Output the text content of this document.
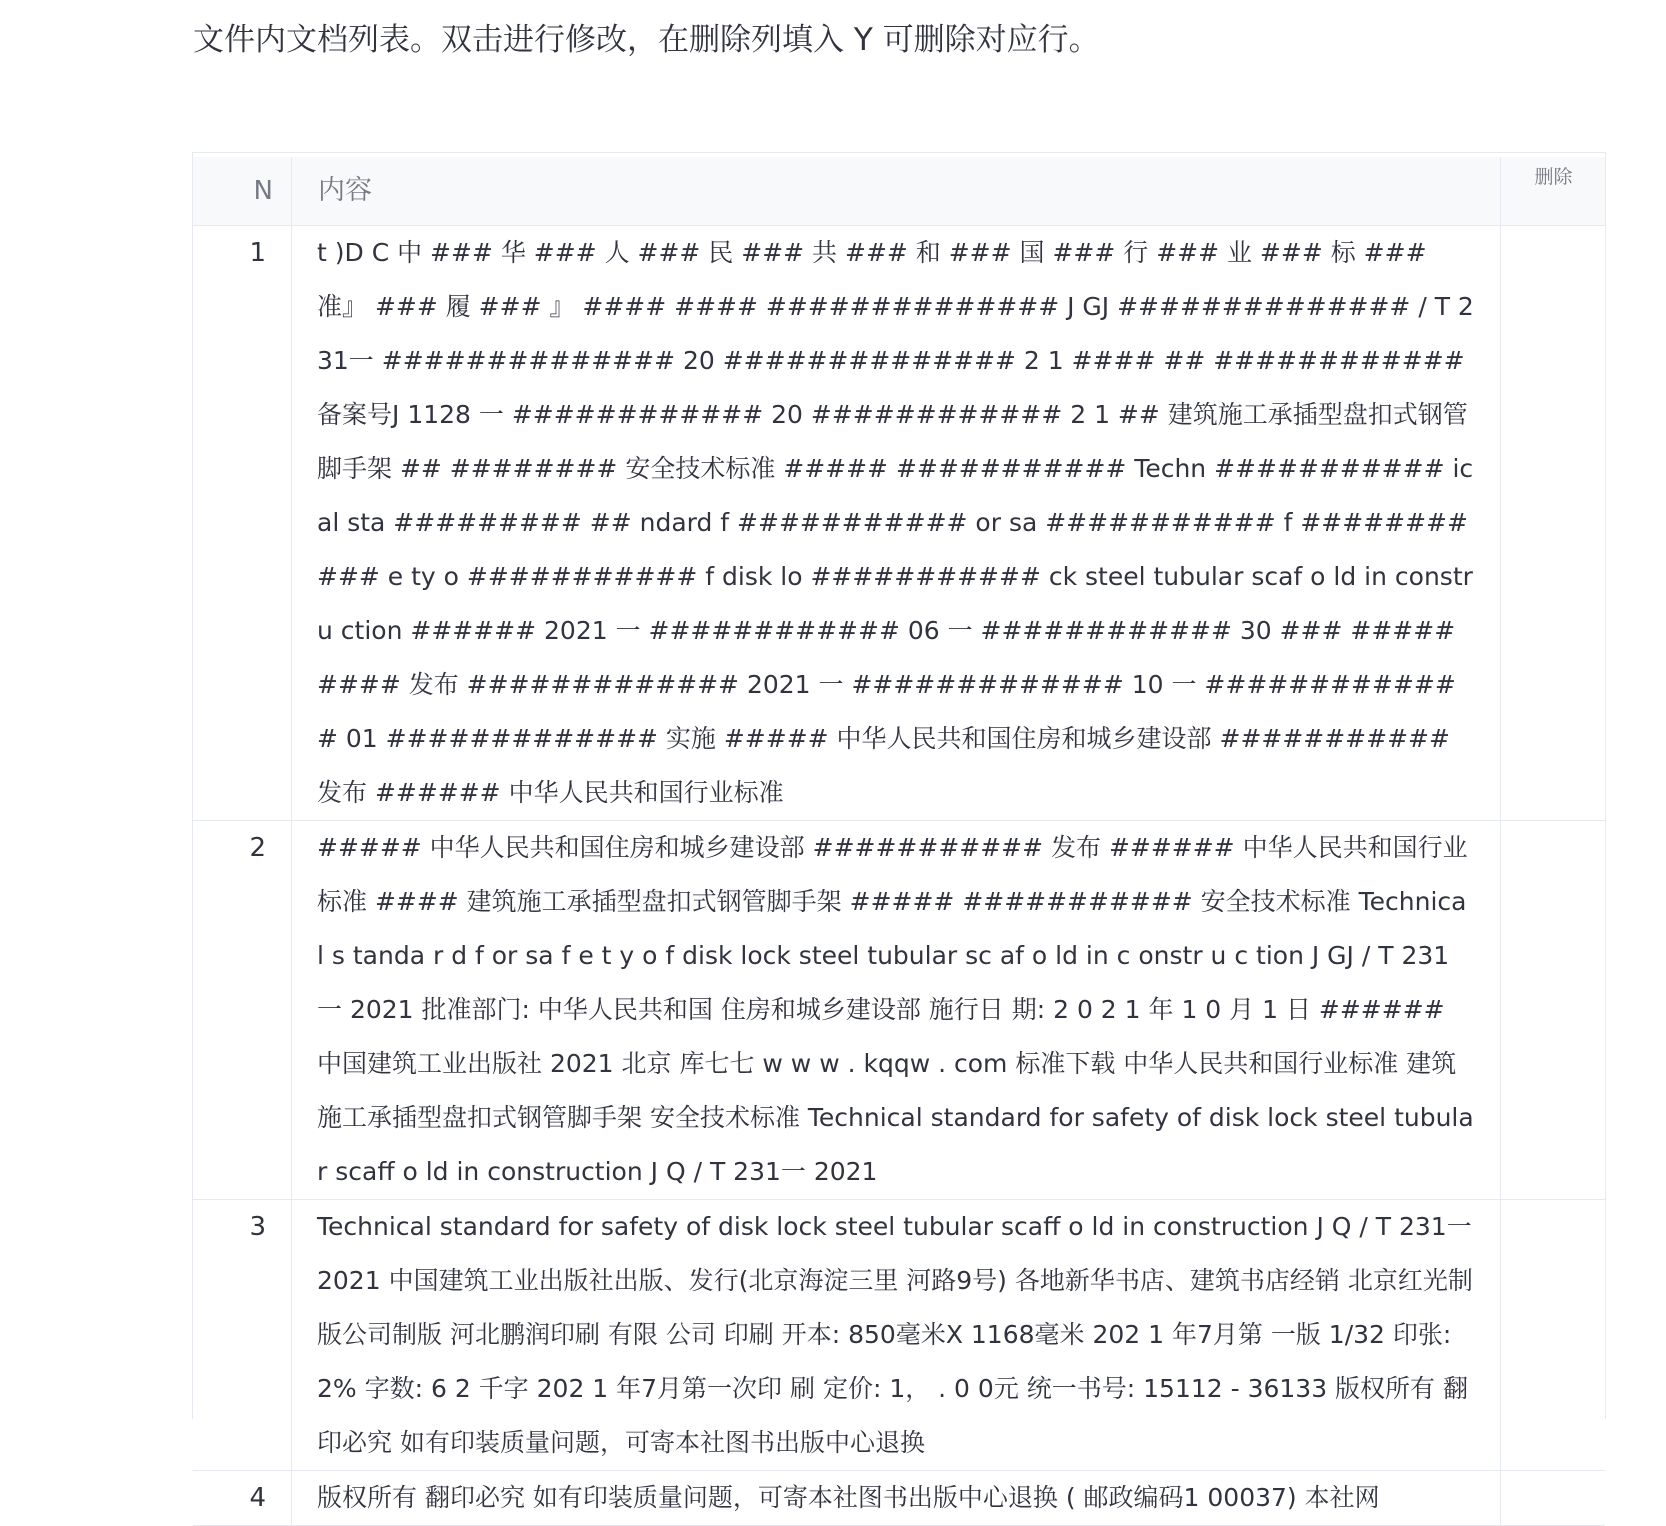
文件内文档列表。双击进行修改，在删除列填入 Y 可删除对应行。
N	内容	删除
1	t )D C 中 ### 华 ### 人 ### 民 ### 共 ### 和 ### 国 ### 行 ### 业 ### 标 ### 准』 ### 履 ### 』 #### #### ############## J GJ ############## / T 231一 ############## 20 ############## 2 1 #### ## ############ 备案号J 1128 一 ############ 20 ############ 2 1 ## 建筑施工承插型盘扣式钢管脚手架 ## ######## 安全技术标准 ##### ########### Techn ########### ical sta ######### ## ndard f ########### or sa ########### f ########### e ty o ########### f disk lo ########### ck steel tubular scaf o ld in constr u ction ###### 2021 一 ############ 06 一 ############ 30 ### ######### 发布 ############# 2021 一 ############# 10 一 ############# 01 ############# 实施 ##### 中华人民共和国住房和城乡建设部 ########### 发布 ###### 中华人民共和国行业标准
2	##### 中华人民共和国住房和城乡建设部 ########### 发布 ###### 中华人民共和国行业标准 #### 建筑施工承插型盘扣式钢管脚手架 ##### ########### 安全技术标准 Technica l s tanda r d f or sa f e t y o f disk lock steel tubular sc af o ld in c onstr u c tion J GJ / T 231 一 2021 批准部门: 中华人民共和国 住房和城乡建设部 施行日 期: 2 0 2 1 年 1 0 月 1 日 ###### 中国建筑工业出版社 2021 北京 库七七 w w w . kqqw . com 标准下载 中华人民共和国行业标准 建筑施工承插型盘扣式钢管脚手架 安全技术标准 Technical standard for safety of disk lock steel tubular scaff o ld in construction J Q / T 231一 2021
3	Technical standard for safety of disk lock steel tubular scaff o ld in construction J Q / T 231一 2021 中国建筑工业出版社出版、发行(北京海淀三里 河路9号) 各地新华书店、建筑书店经销 北京红光制版公司制版 河北鹏润印刷 有限 公司 印刷 开本: 850毫米X 1168毫米 202 1 年7月第 一版 1/32 印张: 2% 字数: 6 2 千字 202 1 年7月第一次印 刷 定价: 1， . 0 0元 统一书号: 15112 - 36133 版权所有 翻印必究 如有印装质量问题，可寄本社图书出版中心退换
4	版权所有 翻印必究 如有印装质量问题，可寄本社图书出版中心退换 ( 邮政编码1 00037) 本社网
